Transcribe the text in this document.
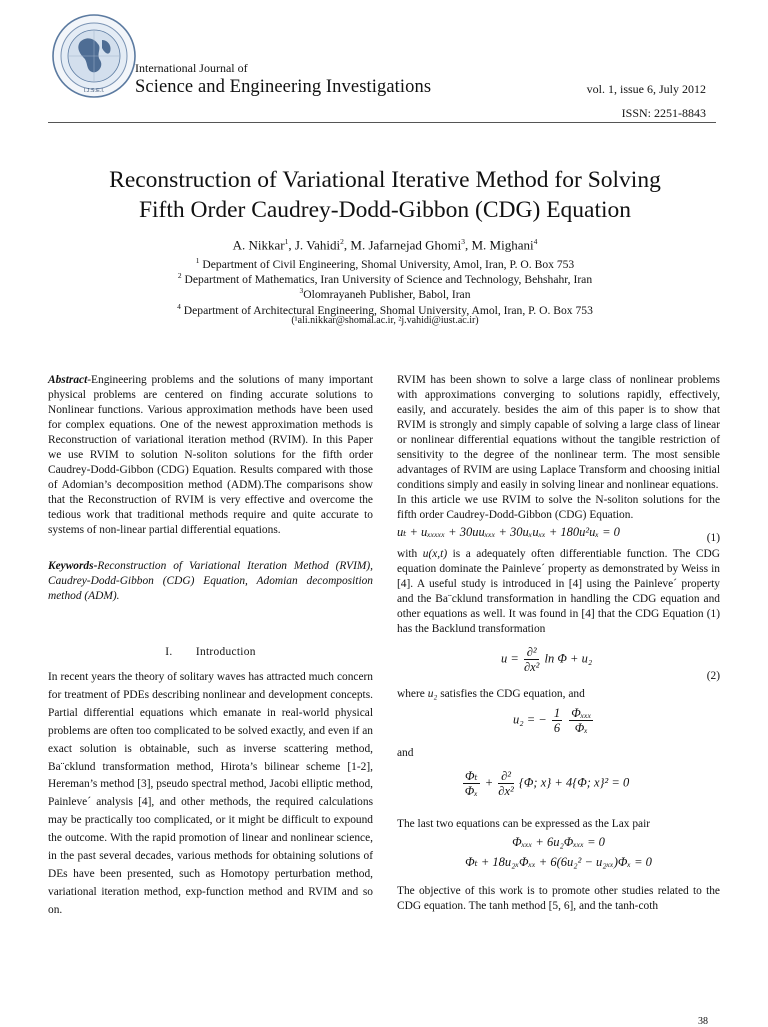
I.J.S.E.I.
International Journal of
Science and Engineering Investigations	vol. 1, issue 6, July 2012
ISSN: 2251-8843
Reconstruction of Variational Iterative Method for Solving
Fifth Order Caudrey-Dodd-Gibbon (CDG) Equation
A. Nikkar$^1$, J. Vahidi$^2$, M. Jafarnejad Ghomi$^3$, M. Mighani$^4$
$^1$ Department of Civil Engineering, Shomal University, Amol, Iran, P. O. Box 753
$^2$ Department of Mathematics, Iran University of Science and Technology, Behshahr, Iran
$^3$Olomrayaneh Publisher, Babol, Iran
$^4$ Department of Architectural Engineering, Shomal University, Amol, Iran, P. O. Box 753
(¹ali.nikkar@shomal.ac.ir, ²j.vahidi@iust.ac.ir)

Abstract-Engineering problems and the solutions of many important physical problems are centered on finding accurate solutions to Nonlinear functions. Various approximation methods have been used for complex equations. One of the newest approximation methods is Reconstruction of variational iteration method (RVIM). In this Paper we use RVIM to solution N-soliton solutions for the fifth order Caudrey-Dodd-Gibbon (CDG) Equation. Results compared with those of Adomian’s decomposition method (ADM).The comparisons show that the Reconstruction of RVIM is very effective and overcome the tedious work that traditional methods require and quite accurate to systems of non-linear partial differential equations.

Keywords-Reconstruction of Variational Iteration Method (RVIM), Caudrey-Dodd-Gibbon (CDG) Equation, Adomian decomposition method (ADM).

I.  Introduction

In recent years the theory of solitary waves has attracted much concern for treatment of PDEs describing nonlinear and development concepts. Partial differential equations which emanate in real-world physical problems are often too complicated to be solved exactly, and even if an exact solution is obtainable, such as inverse scattering method, Ba¨cklund transformation method, Hirota’s bilinear scheme [1-2], Hereman’s method [3], pseudo spectral method, Jacobi elliptic method, Painleve´ analysis [4], and other methods, the required calculations may be practically too complicated, or it might be difficult to expound the outcome. With the rapid promotion of linear and nonlinear science, in the past several decades, various methods for obtaining solutions of DEs have been presented, such as Homotopy perturbation method, variational iteration method, exp-function method and RVIM and so on.

RVIM has been shown to solve a large class of nonlinear problems with approximations converging to solutions rapidly, effectively, easily, and accurately. besides the aim of this paper is to show that RVIM is strongly and simply capable of solving a large class of linear or nonlinear differential equations without the tangible restriction of sensitivity to the degree of the nonlinear term. The most sensible advantages of RVIM are using Laplace Transform and choosing initial conditions simply and easily in solving linear and nonlinear equations.

In this article we use RVIM to solve the N-soliton solutions for the fifth order Caudrey-Dodd-Gibbon (CDG) Equation.

uₜ + uₓₓₓₓₓ + 30uuₓₓₓ + 30uₓuₓₓ + 180u²uₓ = 0	(1)

with u(x,t) is a adequately often differentiable function. The CDG equation dominate the Painleve´ property as demonstrated by Weiss in [4]. A useful study is introduced in [4] using the Painleve´ property and the Ba¨cklund transformation in handling the CDG equation and other equations as well. It was found in [4] that the CDG Equation (1) has the Backlund transformation

$u = \frac{\text{∂²}}{\text{∂x²}}$ ln Φ + u₂
(2)

where u₂ satisfies the CDG equation, and

u₂ = − $\frac{1}{6}$
$\frac{\text{Φₓₓₓ}}{\text{Φₓ}}$

and

$\frac{\text{Φₜ}}{\text{Φₓ}} + \frac{\text{∂²}}{\text{∂x²}} \{\Phi$; x} + 4{Φ; x}² = 0

The last two equations can be expressed as the Lax pair

Φₓₓₓ + 6u₂Φₓₓₓ = 0
Φₜ + 18u₂ₓΦₓₓ + 6(6u₂² − u₂ₓₓ)Φₓ = 0

The objective of this work is to promote other studies related to the CDG equation. The tanh method [5, 6], and the tanh-coth

38
